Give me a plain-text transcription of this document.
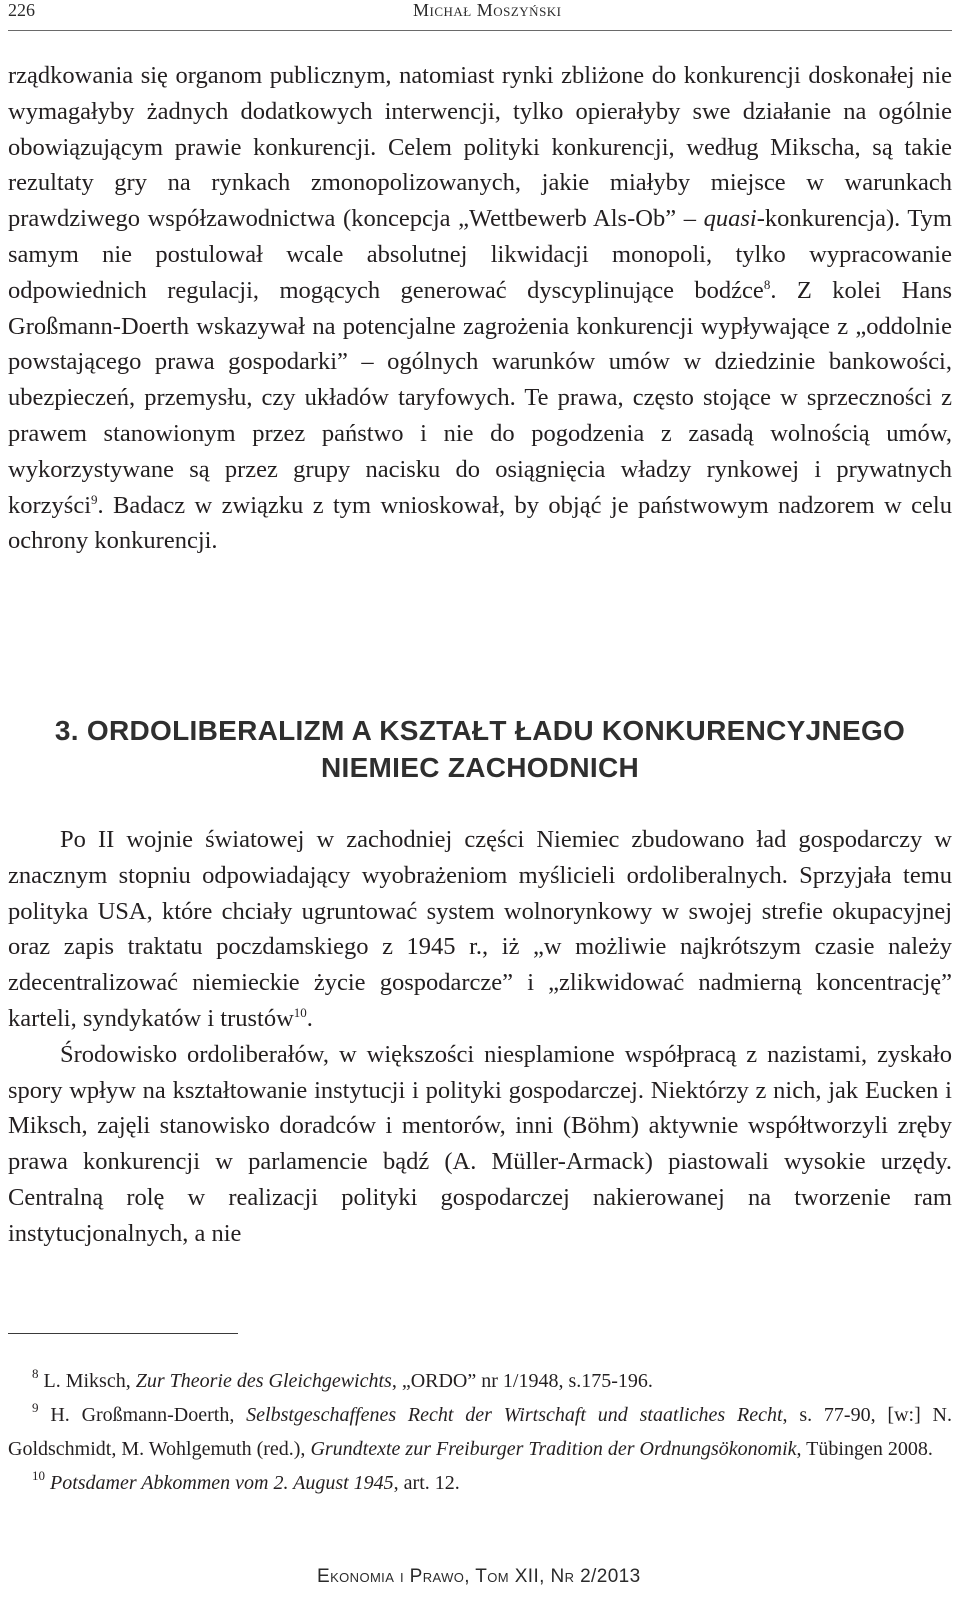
226	Michał Moszyński

rządkowania się organom publicznym, natomiast rynki zbliżone do konkurencji doskonałej nie wymagałyby żadnych dodatkowych interwencji, tylko opierałyby swe działanie na ogólnie obowiązującym prawie konkurencji. Celem polityki konkurencji, według Mikscha, są takie rezultaty gry na rynkach zmonopolizowanych, jakie miałyby miejsce w warunkach prawdziwego współzawodnictwa (koncepcja „Wettbewerb Als-Ob” – quasi-konkurencja). Tym samym nie postulował wcale absolutnej likwidacji monopoli, tylko wypracowanie odpowiednich regulacji, mogących generować dyscyplinujące bodźce$^8$. Z kolei Hans Großmann-Doerth wskazywał na potencjalne zagrożenia konkurencji wypływające z „oddolnie powstającego prawa gospodarki” – ogólnych warunków umów w dziedzinie bankowości, ubezpieczeń, przemysłu, czy układów taryfowych. Te prawa, często stojące w sprzeczności z prawem stanowionym przez państwo i nie do pogodzenia z zasadą wolnością umów, wykorzystywane są przez grupy nacisku do osiągnięcia władzy rynkowej i prywatnych korzyści$^9$. Badacz w związku z tym wnioskował, by objąć je państwowym nadzorem w celu ochrony konkurencji.

3. ORDOLIBERALIZM A KSZTAŁT ŁADU KONKURENCYJNEGO
NIEMIEC ZACHODNICH

Po II wojnie światowej w zachodniej części Niemiec zbudowano ład gospodarczy w znacznym stopniu odpowiadający wyobrażeniom myślicieli ordoliberalnych. Sprzyjała temu polityka USA, które chciały ugruntować system wolnorynkowy w swojej strefie okupacyjnej oraz zapis traktatu poczdamskiego z 1945 r., iż „w możliwie najkrótszym czasie należy zdecentralizować niemieckie życie gospodarcze” i „zlikwidować nadmierną koncentrację” karteli, syndykatów i trustów$^{10}$.

Środowisko ordoliberałów, w większości niesplamione współpracą z nazistami, zyskało spory wpływ na kształtowanie instytucji i polityki gospodarczej. Niektórzy z nich, jak Eucken i Miksch, zajęli stanowisko doradców i mentorów, inni (Böhm) aktywnie współtworzyli zręby prawa konkurencji w parlamencie bądź (A. Müller-Armack) piastowali wysokie urzędy. Centralną rolę w realizacji polityki gospodarczej nakierowanej na tworzenie ram instytucjonalnych, a nie

$^8$ L. Miksch, Zur Theorie des Gleichgewichts, „ORDO” nr 1/1948, s.175-196.

$^9$ H. Großmann-Doerth, Selbstgeschaffenes Recht der Wirtschaft und staatliches Recht, s. 77-90, [w:] N. Goldschmidt, M. Wohlgemuth (red.), Grundtexte zur Freiburger Tradition der Ordnungsökonomik, Tübingen 2008.

$^{10}$ Potsdamer Abkommen vom 2. August 1945, art. 12.

Ekonomia i Prawo, Tom XII, Nr 2/2013
